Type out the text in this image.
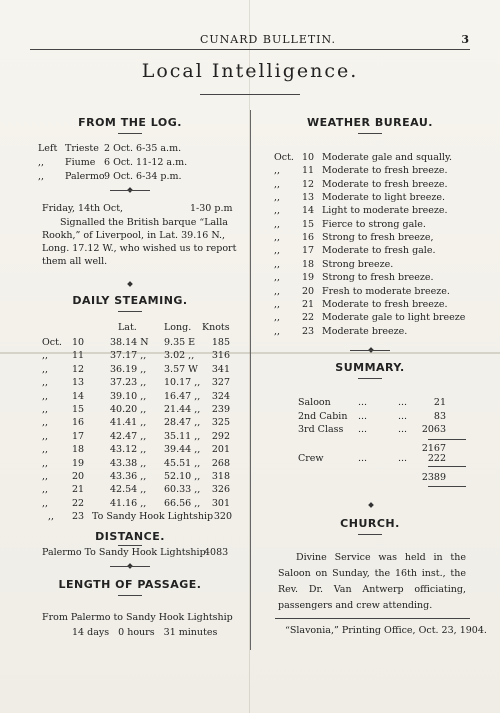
CUNARD BULLETIN.	3
Local Intelligence.
FROM THE LOG.
Left Trieste 2 Oct. 6-35 a.m.
,, Fiume 6 Oct. 11-12 a.m.
,, Palermo 9 Oct. 6-34 p.m.
Friday, 14th Oct,	1-30 p.m
Signalled the British barque “Lalla Rookh,” of Liverpool, in Lat. 39.16 N., Long. 17.12 W., who wished us to report them all well.
DAILY STEAMING.
Lat.	Long. Knots
Oct. 10	38.14 N 9.35 E	185
,,	11	37.17 ,, 3.02 ,,	316
,,	12	36.19 ,, 3.57 W	341
,,	13	37.23 ,, 10.17 ,,	327
,,	14	39.10 ,, 16.47 ,,	324
,,	15	40.20 ,, 21.44 ,,	239
,,	16	41.41 ,, 28.47 ,,	325
,,	17	42.47 ,, 35.11 ,,	292
,,	18	43.12 ,, 39.44 ,,	201
,,	19	43.38 ,, 45.51 ,,	268
,,	20	43.36 ,, 52.10 ,,	318
,,	21	42.54 ,, 60.33 ,,	326
,,	22	41.16 ,, 66.56 ,,	301
,, 23 To Sandy Hook Lightship 320
DISTANCE.
Palermo To Sandy Hook Lightship
4083
LENGTH OF PASSAGE.
From Palermo to Sandy Hook Lightship
14 days   0 hours   31 minutes
WEATHER BUREAU.
Oct. 10 Moderate gale and squally.
,, 11 Moderate to fresh breeze.
,, 12 Moderate to fresh breeze.
,, 13 Moderate to light breeze.
,, 14 Light to moderate breeze.
,, 15 Fierce to strong gale.
,, 16 Strong to fresh breeze,
,, 17 Moderate to fresh gale.
,, 18 Strong breeze.
,, 19 Strong to fresh breeze.
,, 20 Fresh to moderate breeze.
,, 21 Moderate to fresh breeze.
,, 22 Moderate gale to light breeze
,, 23 Moderate breeze.
SUMMARY.
Saloon	...	...	21
2nd Cabin ...	...	83
3rd Class ...	... 2063
2167
Crew	...	...	222
2389
CHURCH.
Divine Service was held in the Saloon on Sunday, the 16th inst., the Rev. Dr. Van Antwerp officiating, passengers and crew attending.
“Slavonia,” Printing Office, Oct. 23, 1904.
